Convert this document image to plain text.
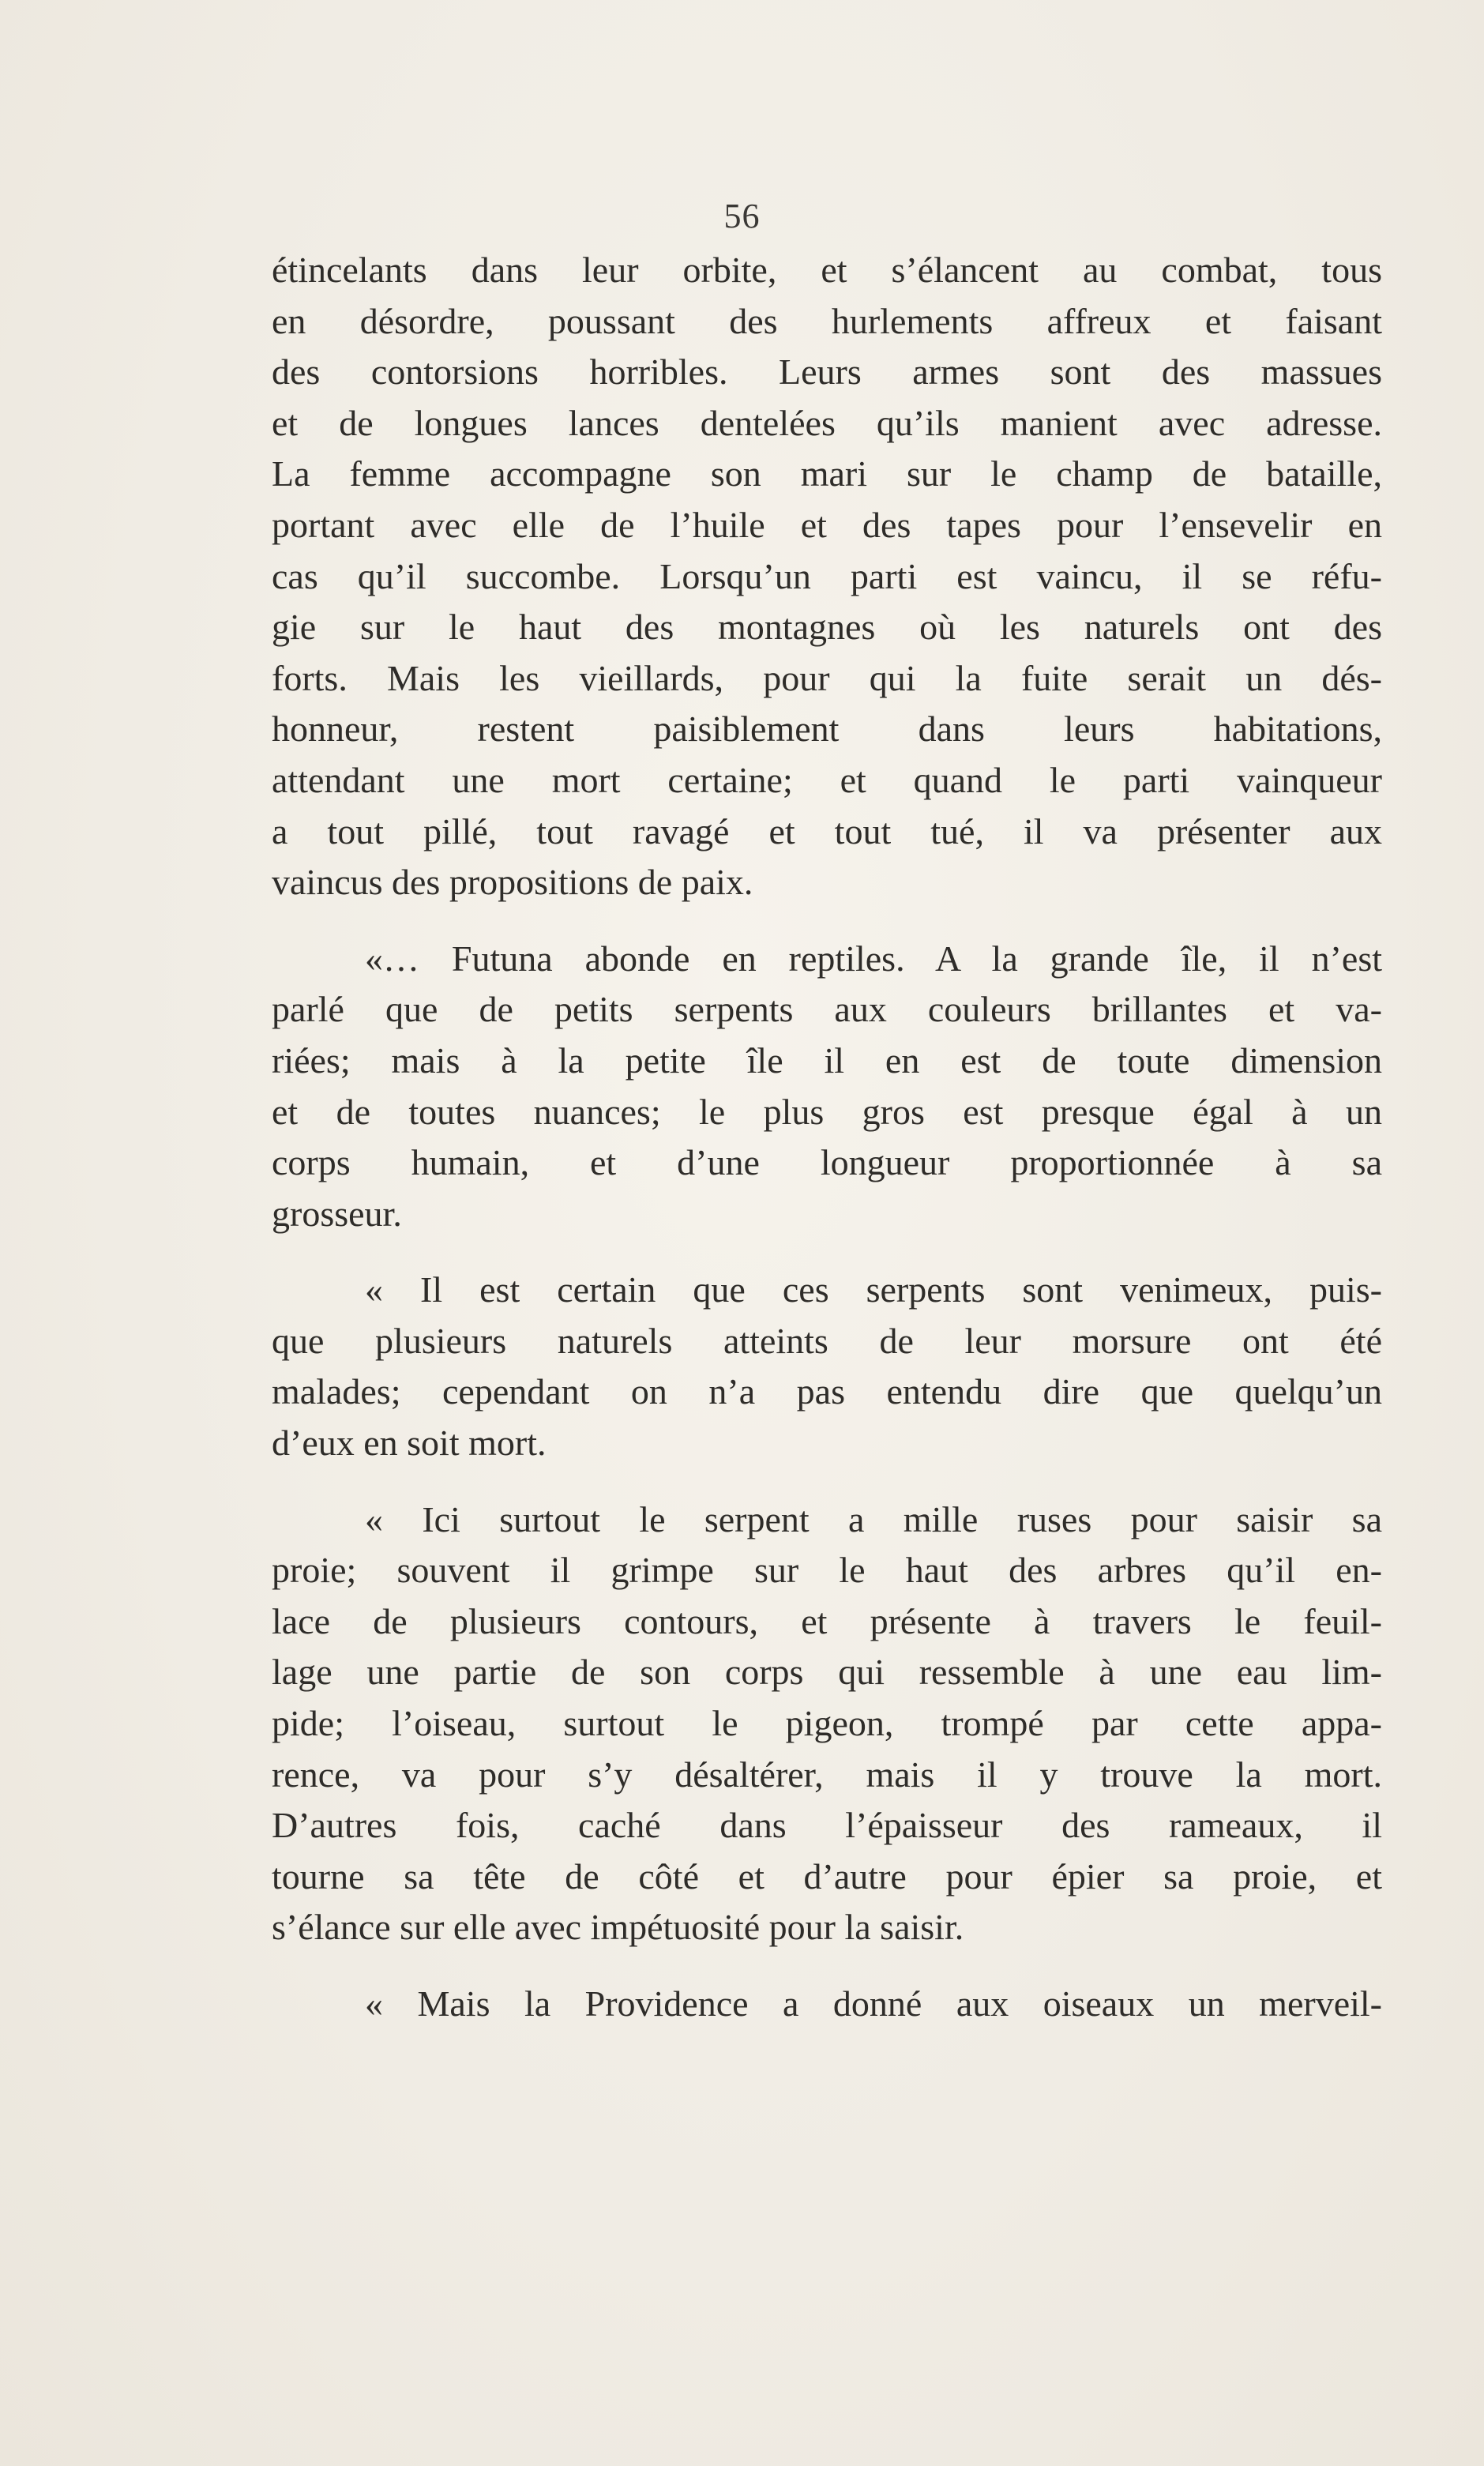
56
étincelants dans leur orbite, et s’élancent au combat, tous
en désordre, poussant des hurlements affreux et faisant
des contorsions horribles. Leurs armes sont des massues
et de longues lances dentelées qu’ils manient avec adresse.
La femme accompagne son mari sur le champ de bataille,
portant avec elle de l’huile et des tapes pour l’ensevelir en
cas qu’il succombe. Lorsqu’un parti est vaincu, il se réfu-
gie sur le haut des montagnes où les naturels ont des
forts. Mais les vieillards, pour qui la fuite serait un dés-
honneur, restent paisiblement dans leurs habitations,
attendant une mort certaine; et quand le parti vainqueur
a tout pillé, tout ravagé et tout tué, il va présenter aux
vaincus des propositions de paix.
«… Futuna abonde en reptiles. A la grande île, il n’est
parlé que de petits serpents aux couleurs brillantes et va-
riées; mais à la petite île il en est de toute dimension
et de toutes nuances; le plus gros est presque égal à un
corps humain, et d’une longueur proportionnée à sa
grosseur.
« Il est certain que ces serpents sont venimeux, puis-
que plusieurs naturels atteints de leur morsure ont été
malades; cependant on n’a pas entendu dire que quelqu’un
d’eux en soit mort.
« Ici surtout le serpent a mille ruses pour saisir sa
proie; souvent il grimpe sur le haut des arbres qu’il en-
lace de plusieurs contours, et présente à travers le feuil-
lage une partie de son corps qui ressemble à une eau lim-
pide; l’oiseau, surtout le pigeon, trompé par cette appa-
rence, va pour s’y désaltérer, mais il y trouve la mort.
D’autres fois, caché dans l’épaisseur des rameaux, il
tourne sa tête de côté et d’autre pour épier sa proie, et
s’élance sur elle avec impétuosité pour la saisir.
« Mais la Providence a donné aux oiseaux un merveil-
